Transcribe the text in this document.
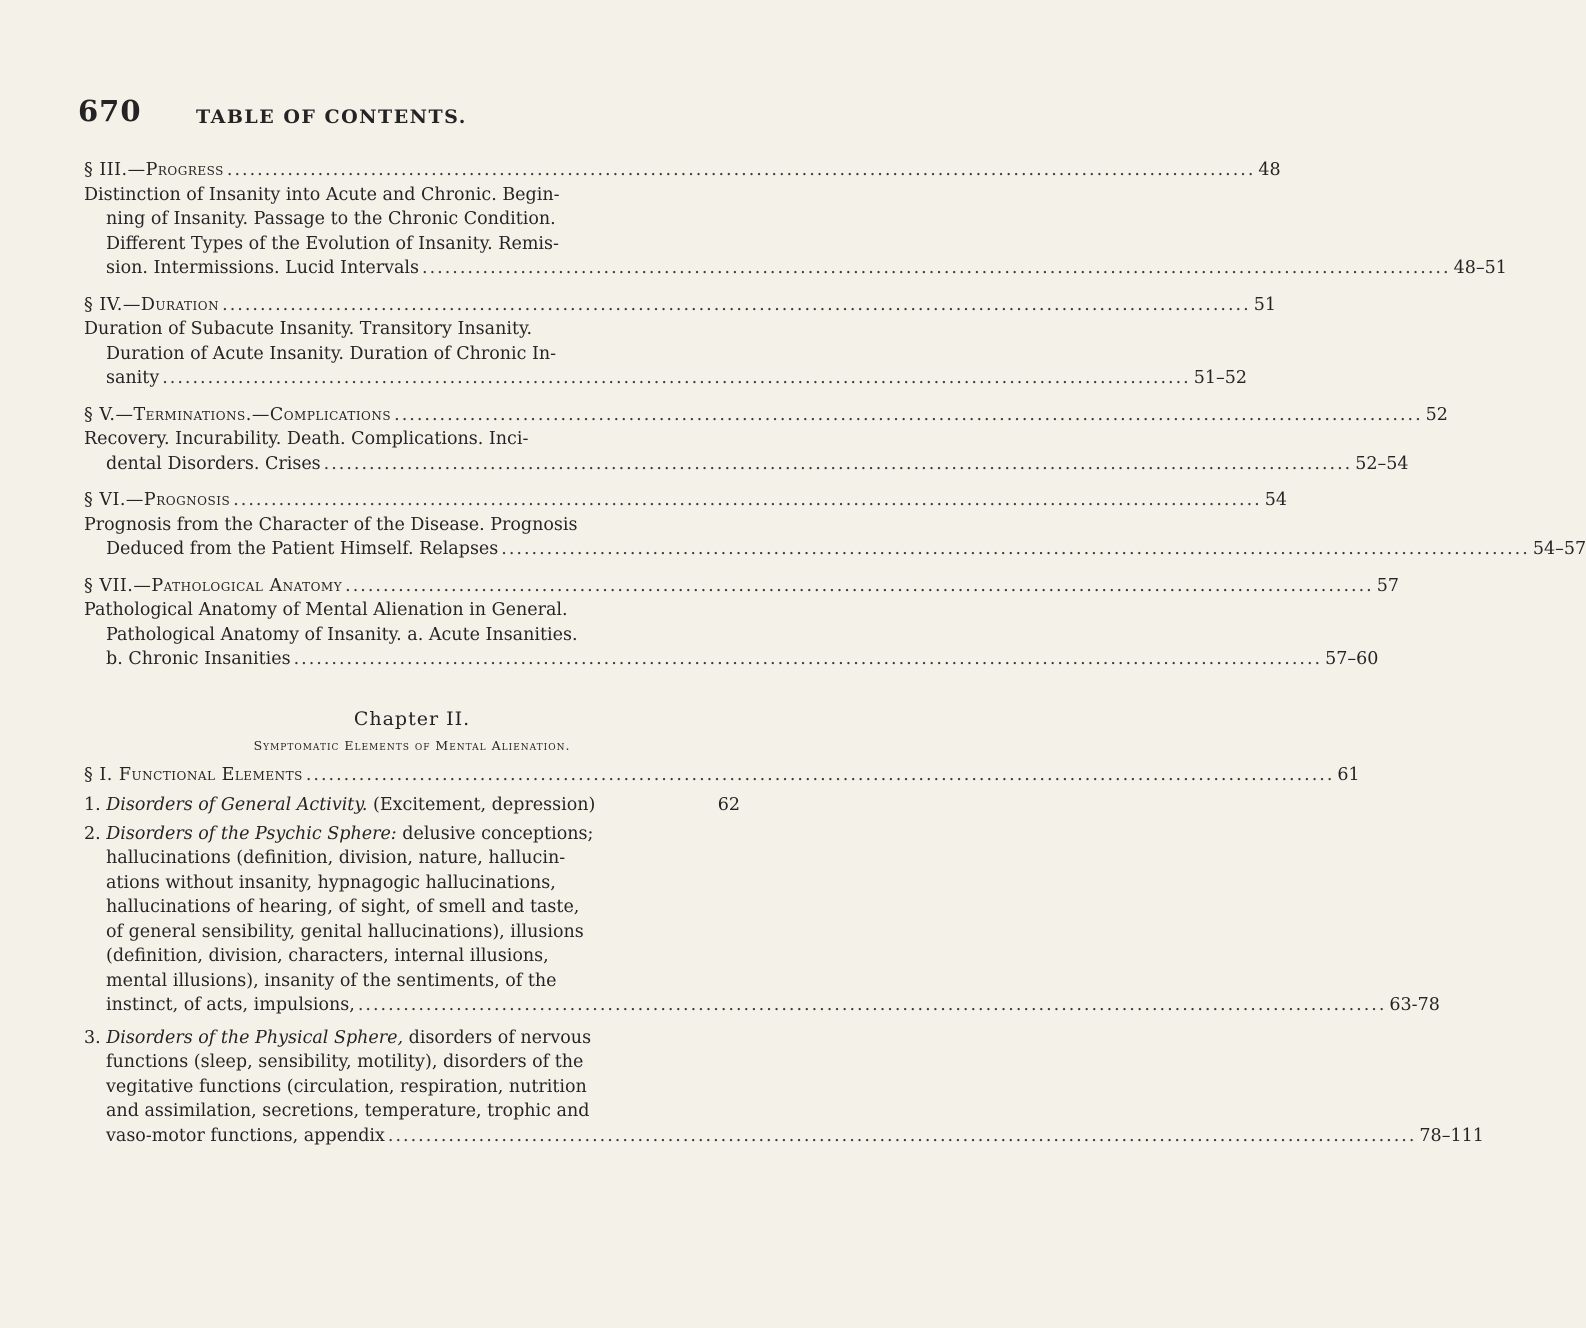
670	TABLE OF CONTENTS.
§ III.—Progress ........................................................................................................................................ 48
Distinction of Insanity into Acute and Chronic. Begin-
ning of Insanity. Passage to the Chronic Condition.
Different Types of the Evolution of Insanity. Remis-
sion. Intermissions. Lucid Intervals ........................................................................................................................................ 48–51
§ IV.—Duration ........................................................................................................................................ 51
Duration of Subacute Insanity. Transitory Insanity.
Duration of Acute Insanity. Duration of Chronic In-
sanity ........................................................................................................................................ 51–52
§ V.—Terminations.—Complications ........................................................................................................................................ 52
Recovery. Incurability. Death. Complications. Inci-
dental Disorders. Crises ........................................................................................................................................ 52–54
§ VI.—Prognosis ........................................................................................................................................ 54
Prognosis from the Character of the Disease. Prognosis
Deduced from the Patient Himself. Relapses ........................................................................................................................................ 54–57
§ VII.—Pathological Anatomy ........................................................................................................................................ 57
Pathological Anatomy of Mental Alienation in General.
Pathological Anatomy of Insanity. a. Acute Insanities.
b. Chronic Insanities ........................................................................................................................................ 57–60
Chapter II.
Symptomatic Elements of Mental Alienation.
§ I. Functional Elements ........................................................................................................................................ 61
1. Disorders of General Activity. (Excitement, depression)	62
2. Disorders of the Psychic Sphere: delusive conceptions;
hallucinations (definition, division, nature, hallucin-
ations without insanity, hypnagogic hallucinations,
hallucinations of hearing, of sight, of smell and taste,
of general sensibility, genital hallucinations), illusions
(definition, division, characters, internal illusions,
mental illusions), insanity of the sentiments, of the
instinct, of acts, impulsions, ........................................................................................................................................ 63-78
3. Disorders of the Physical Sphere, disorders of nervous
functions (sleep, sensibility, motility), disorders of the
vegitative functions (circulation, respiration, nutrition
and assimilation, secretions, temperature, trophic and
vaso-motor functions, appendix ........................................................................................................................................ 78–111
